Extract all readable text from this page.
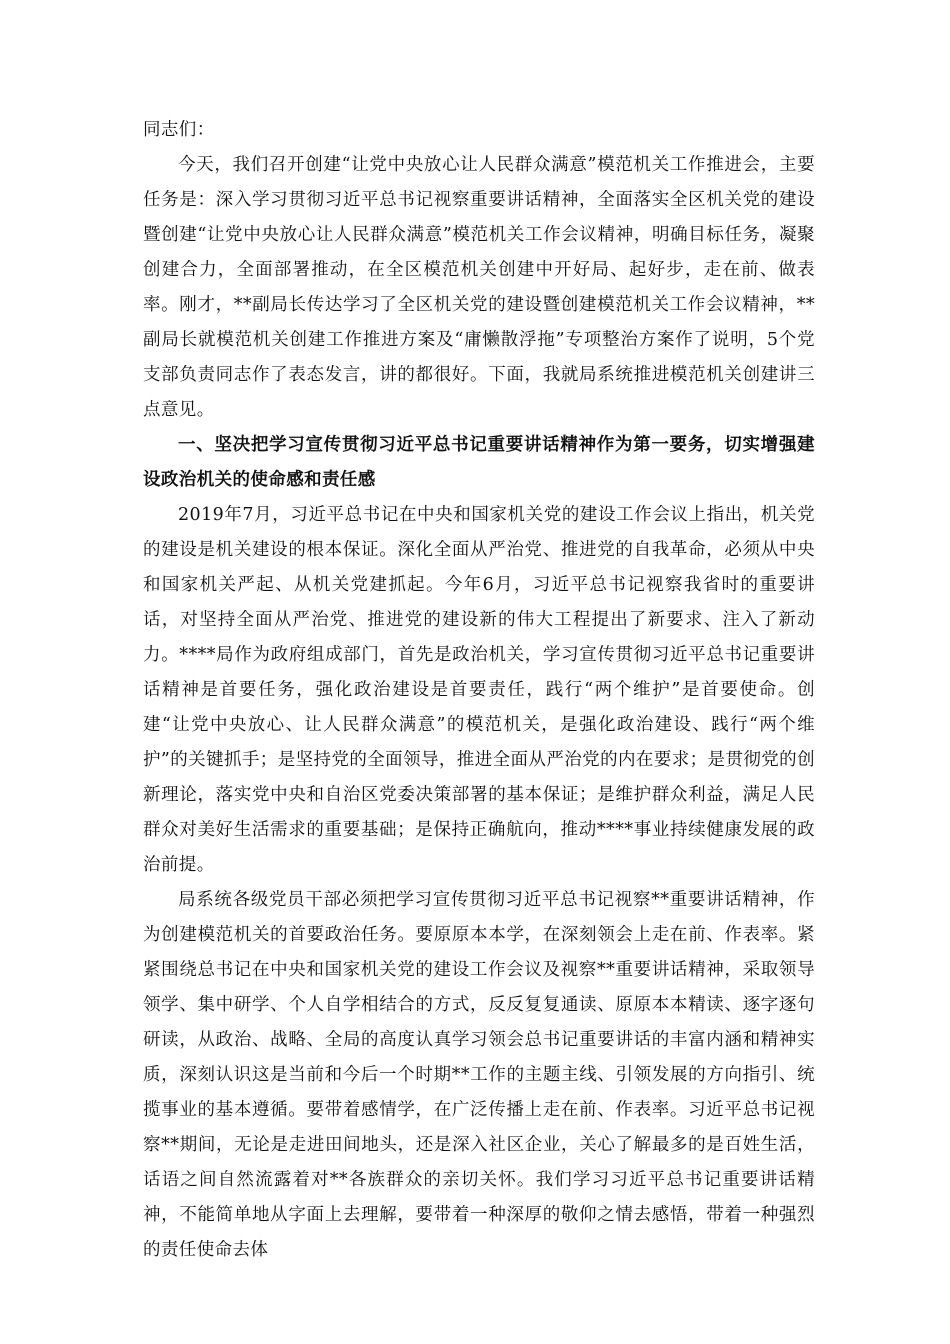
同志们：

今天，我们召开创建“让党中央放心让人民群众满意”模范机关工作推进会，主要任务是：深入学习贯彻习近平总书记视察重要讲话精神，全面落实全区机关党的建设暨创建“让党中央放心让人民群众满意”模范机关工作会议精神，明确目标任务，凝聚创建合力，全面部署推动，在全区模范机关创建中开好局、起好步，走在前、做表率。刚才，**副局长传达学习了全区机关党的建设暨创建模范机关工作会议精神，**副局长就模范机关创建工作推进方案及“庸懒散浮拖”专项整治方案作了说明，5个党支部负责同志作了表态发言，讲的都很好。下面，我就局系统推进模范机关创建讲三点意见。

一、坚决把学习宣传贯彻习近平总书记重要讲话精神作为第一要务，切实增强建设政治机关的使命感和责任感

2019年7月，习近平总书记在中央和国家机关党的建设工作会议上指出，机关党的建设是机关建设的根本保证。深化全面从严治党、推进党的自我革命，必须从中央和国家机关严起、从机关党建抓起。今年6月，习近平总书记视察我省时的重要讲话，对坚持全面从严治党、推进党的建设新的伟大工程提出了新要求、注入了新动力。****局作为政府组成部门，首先是政治机关，学习宣传贯彻习近平总书记重要讲话精神是首要任务，强化政治建设是首要责任，践行“两个维护”是首要使命。创建“让党中央放心、让人民群众满意”的模范机关，是强化政治建设、践行“两个维护”的关键抓手；是坚持党的全面领导，推进全面从严治党的内在要求；是贯彻党的创新理论，落实党中央和自治区党委决策部署的基本保证；是维护群众利益，满足人民群众对美好生活需求的重要基础；是保持正确航向，推动****事业持续健康发展的政治前提。

局系统各级党员干部必须把学习宣传贯彻习近平总书记视察**重要讲话精神，作为创建模范机关的首要政治任务。要原原本本学，在深刻领会上走在前、作表率。紧紧围绕总书记在中央和国家机关党的建设工作会议及视察**重要讲话精神，采取领导领学、集中研学、个人自学相结合的方式，反反复复通读、原原本本精读、逐字逐句研读，从政治、战略、全局的高度认真学习领会总书记重要讲话的丰富内涵和精神实质，深刻认识这是当前和今后一个时期**工作的主题主线、引领发展的方向指引、统揽事业的基本遵循。要带着感情学，在广泛传播上走在前、作表率。习近平总书记视察**期间，无论是走进田间地头，还是深入社区企业，关心了解最多的是百姓生活，话语之间自然流露着对**各族群众的亲切关怀。我们学习习近平总书记重要讲话精神，不能简单地从字面上去理解，要带着一种深厚的敬仰之情去感悟，带着一种强烈的责任使命去体
